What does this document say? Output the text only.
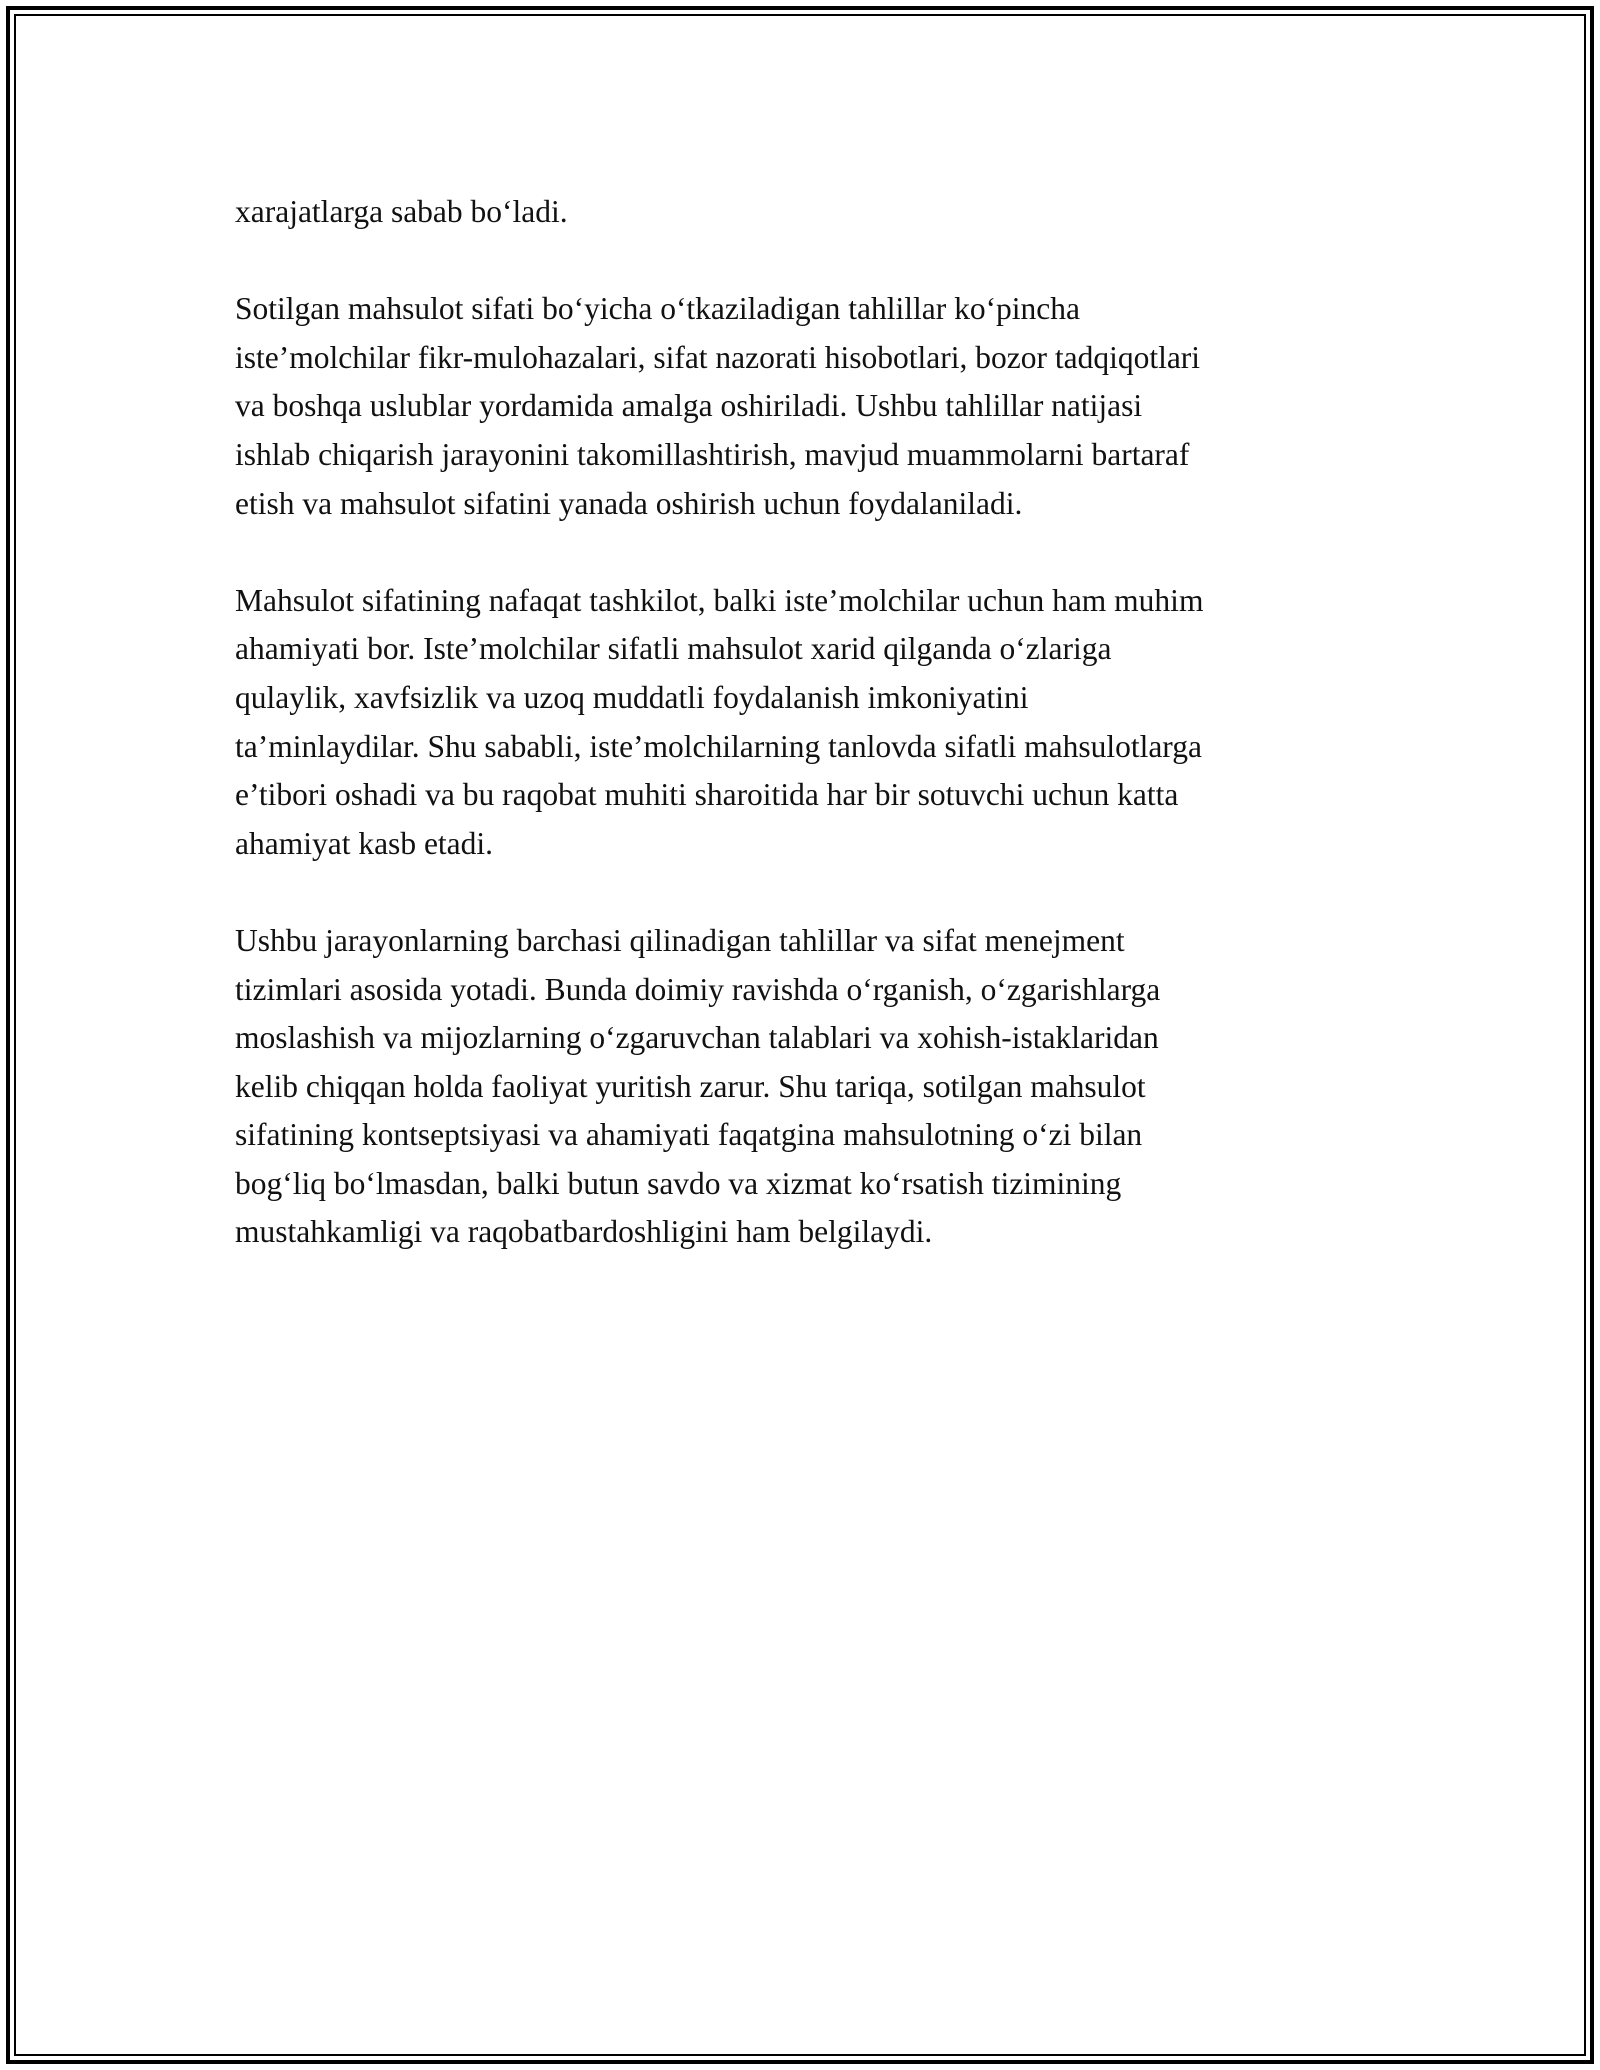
xarajatlarga sabab bo‘ladi.

Sotilgan mahsulot sifati bo‘yicha o‘tkaziladigan tahlillar ko‘pincha
iste’molchilar fikr-mulohazalari, sifat nazorati hisobotlari, bozor tadqiqotlari
va boshqa uslublar yordamida amalga oshiriladi. Ushbu tahlillar natijasi
ishlab chiqarish jarayonini takomillashtirish, mavjud muammolarni bartaraf
etish va mahsulot sifatini yanada oshirish uchun foydalaniladi.

Mahsulot sifatining nafaqat tashkilot, balki iste’molchilar uchun ham muhim
ahamiyati bor. Iste’molchilar sifatli mahsulot xarid qilganda o‘zlariga
qulaylik, xavfsizlik va uzoq muddatli foydalanish imkoniyatini
ta’minlaydilar. Shu sababli, iste’molchilarning tanlovda sifatli mahsulotlarga
e’tibori oshadi va bu raqobat muhiti sharoitida har bir sotuvchi uchun katta
ahamiyat kasb etadi.

Ushbu jarayonlarning barchasi qilinadigan tahlillar va sifat menejment
tizimlari asosida yotadi. Bunda doimiy ravishda o‘rganish, o‘zgarishlarga
moslashish va mijozlarning o‘zgaruvchan talablari va xohish-istaklaridan
kelib chiqqan holda faoliyat yuritish zarur. Shu tariqa, sotilgan mahsulot
sifatining kontseptsiyasi va ahamiyati faqatgina mahsulotning o‘zi bilan
bog‘liq bo‘lmasdan, balki butun savdo va xizmat ko‘rsatish tizimining
mustahkamligi va raqobatbardoshligini ham belgilaydi.
